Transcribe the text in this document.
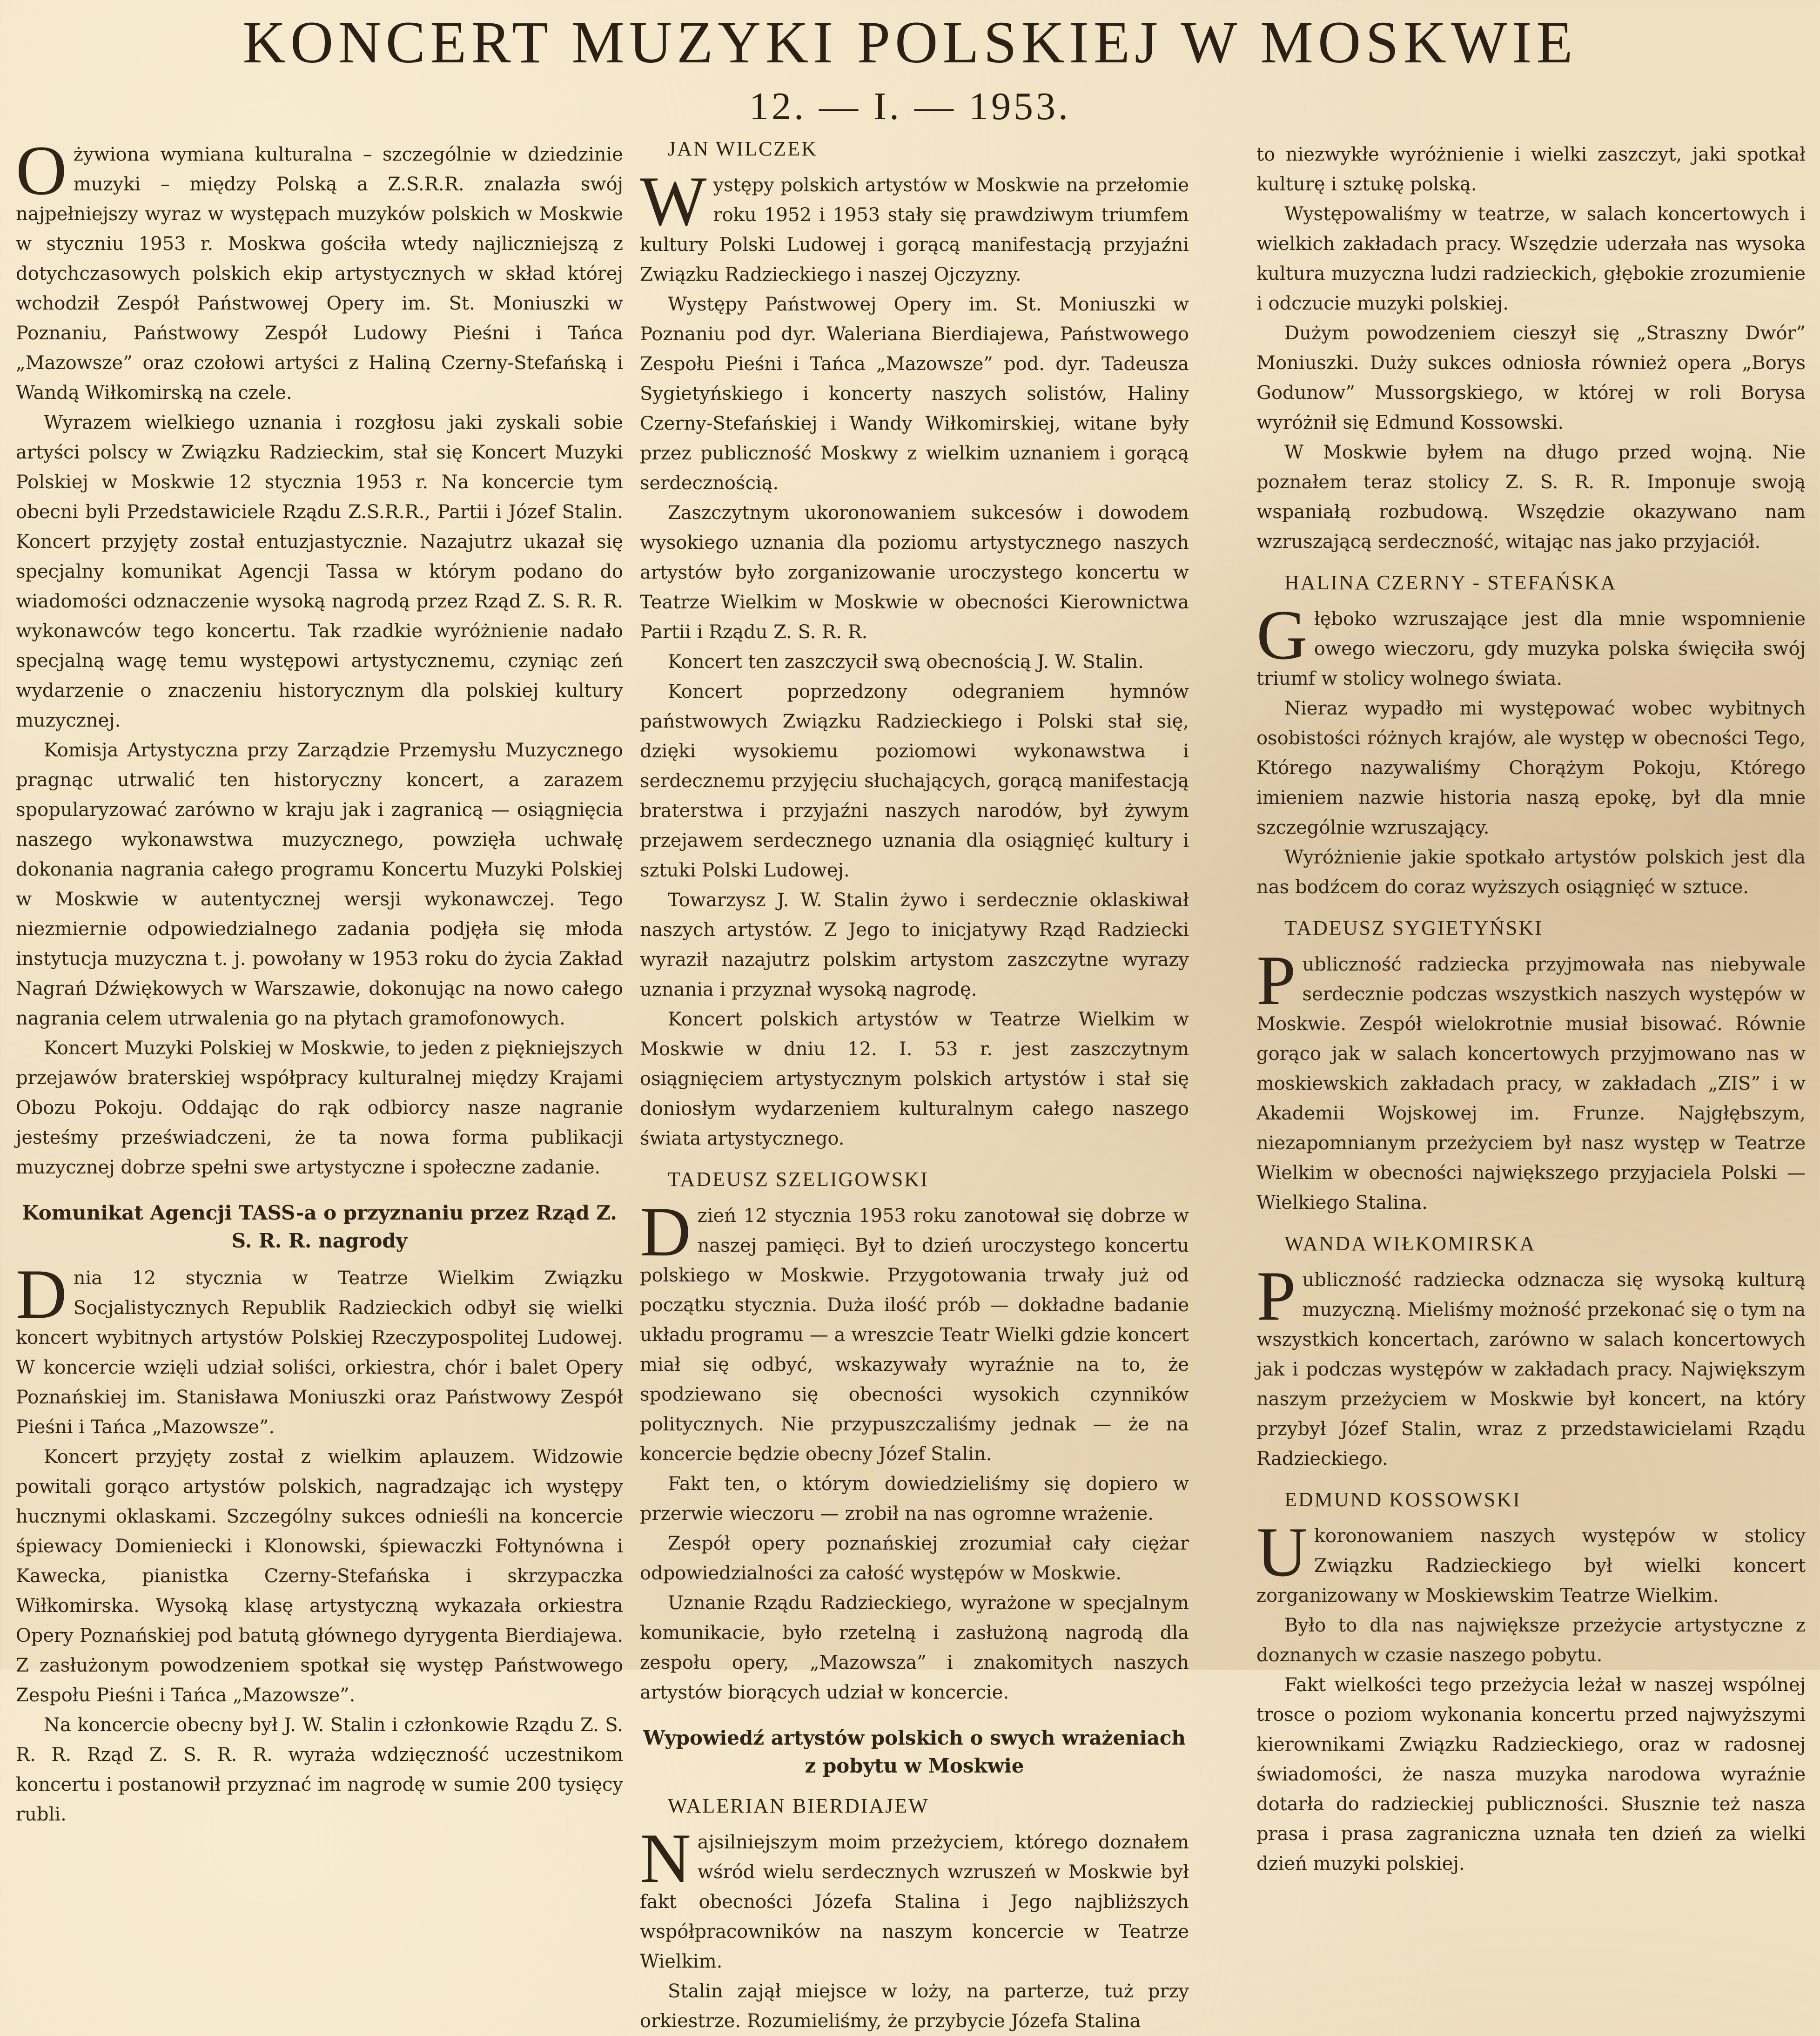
KONCERT MUZYKI POLSKIEJ W MOSKWIE
12. — I. — 1953.

Ożywiona wymiana kulturalna – szczególnie w dziedzinie muzyki – między Polską a Z.S.R.R. znalazła swój najpełniejszy wyraz w występach muzyków polskich w Moskwie w styczniu 1953 r. Moskwa gościła wtedy najliczniejszą z dotychczasowych polskich ekip artystycznych w skład której wchodził Zespół Państwowej Opery im. St. Moniuszki w Poznaniu, Państwowy Zespół Ludowy Pieśni i Tańca „Mazowsze” oraz czołowi artyści z Haliną Czerny-Stefańską i Wandą Wiłkomirską na czele.

Wyrazem wielkiego uznania i rozgłosu jaki zyskali sobie artyści polscy w Związku Radzieckim, stał się Koncert Muzyki Polskiej w Moskwie 12 stycznia 1953 r. Na koncercie tym obecni byli Przedstawiciele Rządu Z.S.R.R., Partii i Józef Stalin. Koncert przyjęty został entuzjastycznie. Nazajutrz ukazał się specjalny komunikat Agencji Tassa w którym podano do wiadomości odznaczenie wysoką nagrodą przez Rząd Z. S. R. R. wykonawców tego koncertu. Tak rzadkie wyróżnienie nadało specjalną wagę temu występowi artystycznemu, czyniąc zeń wydarzenie o znaczeniu historycznym dla polskiej kultury muzycznej.

Komisja Artystyczna przy Zarządzie Przemysłu Muzycznego pragnąc utrwalić ten historyczny koncert, a zarazem spopularyzować zarówno w kraju jak i zagranicą — osiągnięcia naszego wykonawstwa muzycznego, powzięła uchwałę dokonania nagrania całego programu Koncertu Muzyki Polskiej w Moskwie w autentycznej wersji wykonawczej. Tego niezmiernie odpowiedzialnego zadania podjęła się młoda instytucja muzyczna t. j. powołany w 1953 roku do życia Zakład Nagrań Dźwiękowych w Warszawie, dokonując na nowo całego nagrania celem utrwalenia go na płytach gramofonowych.

Koncert Muzyki Polskiej w Moskwie, to jeden z piękniejszych przejawów braterskiej współpracy kulturalnej między Krajami Obozu Pokoju. Oddając do rąk odbiorcy nasze nagranie jesteśmy przeświadczeni, że ta nowa forma publikacji muzycznej dobrze spełni swe artystyczne i społeczne zadanie.

Komunikat Agencji TASS-a o przyznaniu przez Rząd Z. S. R. R. nagrody

Dnia 12 stycznia w Teatrze Wielkim Związku Socjalistycznych Republik Radzieckich odbył się wielki koncert wybitnych artystów Polskiej Rzeczypospolitej Ludowej. W koncercie wzięli udział soliści, orkiestra, chór i balet Opery Poznańskiej im. Stanisława Moniuszki oraz Państwowy Zespół Pieśni i Tańca „Mazowsze”.

Koncert przyjęty został z wielkim aplauzem. Widzowie powitali gorąco artystów polskich, nagradzając ich występy hucznymi oklaskami. Szczególny sukces odnieśli na koncercie śpiewacy Domieniecki i Klonowski, śpiewaczki Fołtynówna i Kawecka, pianistka Czerny-Stefańska i skrzypaczka Wiłkomirska. Wysoką klasę artystyczną wykazała orkiestra Opery Poznańskiej pod batutą głównego dyrygenta Bierdiajewa. Z zasłużonym powodzeniem spotkał się występ Państwowego Zespołu Pieśni i Tańca „Mazowsze”.

Na koncercie obecny był J. W. Stalin i członkowie Rządu Z. S. R. R. Rząd Z. S. R. R. wyraża wdzięczność uczestnikom koncertu i postanowił przyznać im nagrodę w sumie 200 tysięcy rubli.

JAN WILCZEK

Występy polskich artystów w Moskwie na przełomie roku 1952 i 1953 stały się prawdziwym triumfem kultury Polski Ludowej i gorącą manifestacją przyjaźni Związku Radzieckiego i naszej Ojczyzny.

Występy Państwowej Opery im. St. Moniuszki w Poznaniu pod dyr. Waleriana Bierdiajewa, Państwowego Zespołu Pieśni i Tańca „Mazowsze” pod. dyr. Tadeusza Sygietyńskiego i koncerty naszych solistów, Haliny Czerny-Stefańskiej i Wandy Wiłkomirskiej, witane były przez publiczność Moskwy z wielkim uznaniem i gorącą serdecznością.

Zaszczytnym ukoronowaniem sukcesów i dowodem wysokiego uznania dla poziomu artystycznego naszych artystów było zorganizowanie uroczystego koncertu w Teatrze Wielkim w Moskwie w obecności Kierownictwa Partii i Rządu Z. S. R. R.

Koncert ten zaszczycił swą obecnością J. W. Stalin.

Koncert poprzedzony odegraniem hymnów państwowych Związku Radzieckiego i Polski stał się, dzięki wysokiemu poziomowi wykonawstwa i serdecznemu przyjęciu słuchających, gorącą manifestacją braterstwa i przyjaźni naszych narodów, był żywym przejawem serdecznego uznania dla osiągnięć kultury i sztuki Polski Ludowej.

Towarzysz J. W. Stalin żywo i serdecznie oklaskiwał naszych artystów. Z Jego to inicjatywy Rząd Radziecki wyraził nazajutrz polskim artystom zaszczytne wyrazy uznania i przyznał wysoką nagrodę.

Koncert polskich artystów w Teatrze Wielkim w Moskwie w dniu 12. I. 53 r. jest zaszczytnym osiągnięciem artystycznym polskich artystów i stał się doniosłym wydarzeniem kulturalnym całego naszego świata artystycznego.

TADEUSZ SZELIGOWSKI

Dzień 12 stycznia 1953 roku zanotował się dobrze w naszej pamięci. Był to dzień uroczystego koncertu polskiego w Moskwie. Przygotowania trwały już od początku stycznia. Duża ilość prób — dokładne badanie układu programu — a wreszcie Teatr Wielki gdzie koncert miał się odbyć, wskazywały wyraźnie na to, że spodziewano się obecności wysokich czynników politycznych. Nie przypuszczaliśmy jednak — że na koncercie będzie obecny Józef Stalin.

Fakt ten, o którym dowiedzieliśmy się dopiero w przerwie wieczoru — zrobił na nas ogromne wrażenie.

Zespół opery poznańskiej zrozumiał cały ciężar odpowiedzialności za całość występów w Moskwie.

Uznanie Rządu Radzieckiego, wyrażone w specjalnym komunikacie, było rzetelną i zasłużoną nagrodą dla zespołu opery, „Mazowsza” i znakomitych naszych artystów biorących udział w koncercie.

Wypowiedź artystów polskich o swych wrażeniach z pobytu w Moskwie
WALERIAN BIERDIAJEW

Najsilniejszym moim przeżyciem, którego doznałem wśród wielu serdecznych wzruszeń w Moskwie był fakt obecności Józefa Stalina i Jego najbliższych współpracowników na naszym koncercie w Teatrze Wielkim.

Stalin zajął miejsce w loży, na parterze, tuż przy orkiestrze. Rozumieliśmy, że przybycie Józefa Stalina

to niezwykłe wyróżnienie i wielki zaszczyt, jaki spotkał kulturę i sztukę polską.

Występowaliśmy w teatrze, w salach koncertowych i wielkich zakładach pracy. Wszędzie uderzała nas wysoka kultura muzyczna ludzi radzieckich, głębokie zrozumienie i odczucie muzyki polskiej.

Dużym powodzeniem cieszył się „Straszny Dwór” Moniuszki. Duży sukces odniosła również opera „Borys Godunow” Mussorgskiego, w której w roli Borysa wyróżnił się Edmund Kossowski.

W Moskwie byłem na długo przed wojną. Nie poznałem teraz stolicy Z. S. R. R. Imponuje swoją wspaniałą rozbudową. Wszędzie okazywano nam wzruszającą serdeczność, witając nas jako przyjaciół.

HALINA CZERNY - STEFAŃSKA

Głęboko wzruszające jest dla mnie wspomnienie owego wieczoru, gdy muzyka polska święciła swój triumf w stolicy wolnego świata.

Nieraz wypadło mi występować wobec wybitnych osobistości różnych krajów, ale występ w obecności Tego, Którego nazywaliśmy Chorążym Pokoju, Którego imieniem nazwie historia naszą epokę, był dla mnie szczególnie wzruszający.

Wyróżnienie jakie spotkało artystów polskich jest dla nas bodźcem do coraz wyższych osiągnięć w sztuce.

TADEUSZ SYGIETYŃSKI

Publiczność radziecka przyjmowała nas niebywale serdecznie podczas wszystkich naszych występów w Moskwie. Zespół wielokrotnie musiał bisować. Równie gorąco jak w salach koncertowych przyjmowano nas w moskiewskich zakładach pracy, w zakładach „ZIS” i w Akademii Wojskowej im. Frunze. Najgłębszym, niezapomnianym przeżyciem był nasz występ w Teatrze Wielkim w obecności największego przyjaciela Polski — Wielkiego Stalina.

WANDA WIŁKOMIRSKA

Publiczność radziecka odznacza się wysoką kulturą muzyczną. Mieliśmy możność przekonać się o tym na wszystkich koncertach, zarówno w salach koncertowych jak i podczas występów w zakładach pracy. Największym naszym przeżyciem w Moskwie był koncert, na który przybył Józef Stalin, wraz z przedstawicielami Rządu Radzieckiego.

EDMUND KOSSOWSKI

Ukoronowaniem naszych występów w stolicy Związku Radzieckiego był wielki koncert zorganizowany w Moskiewskim Teatrze Wielkim.

Było to dla nas największe przeżycie artystyczne z doznanych w czasie naszego pobytu.

Fakt wielkości tego przeżycia leżał w naszej wspólnej trosce o poziom wykonania koncertu przed najwyższymi kierownikami Związku Radzieckiego, oraz w radosnej świadomości, że nasza muzyka narodowa wyraźnie dotarła do radzieckiej publiczności. Słusznie też nasza prasa i prasa zagraniczna uznała ten dzień za wielki dzień muzyki polskiej.
